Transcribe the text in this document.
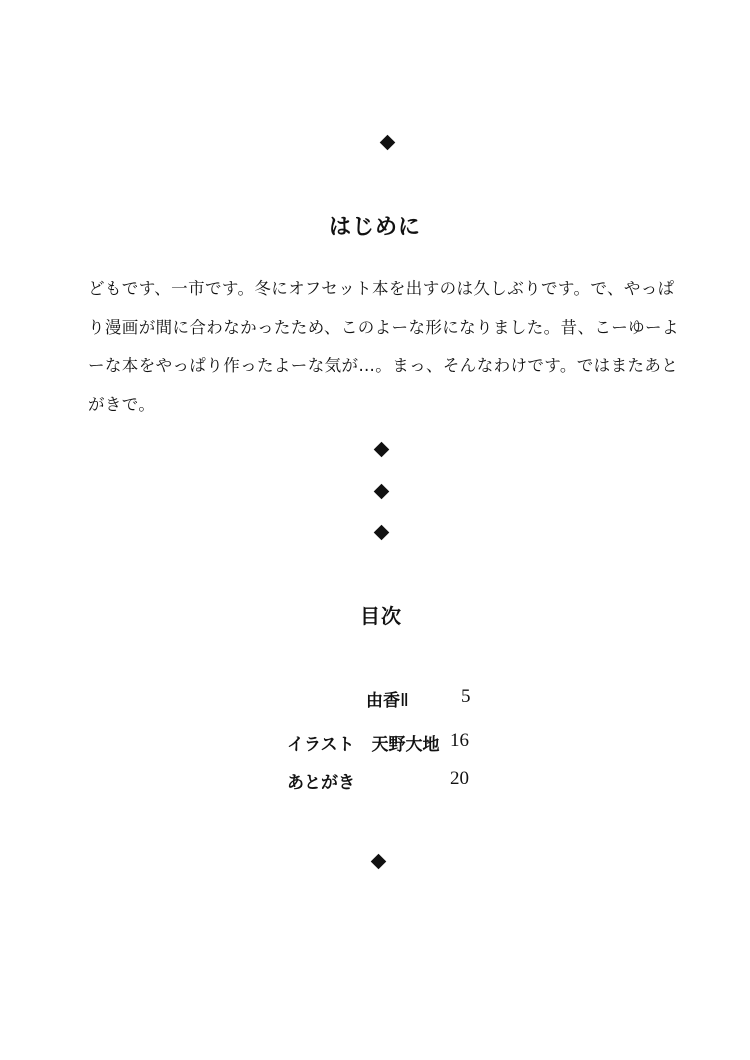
はじめに
どもです、一市です。冬にオフセット本を出すのは久しぶりです。で、やっぱ
り漫画が間に合わなかったため、このよーな形になりました。昔、こーゆーよ
ーな本をやっぱり作ったよーな気が…。まっ、そんなわけです。ではまたあと
がきで。
目次
由香Ⅱ	5
イラスト　天野大地 16
あとがき	20
